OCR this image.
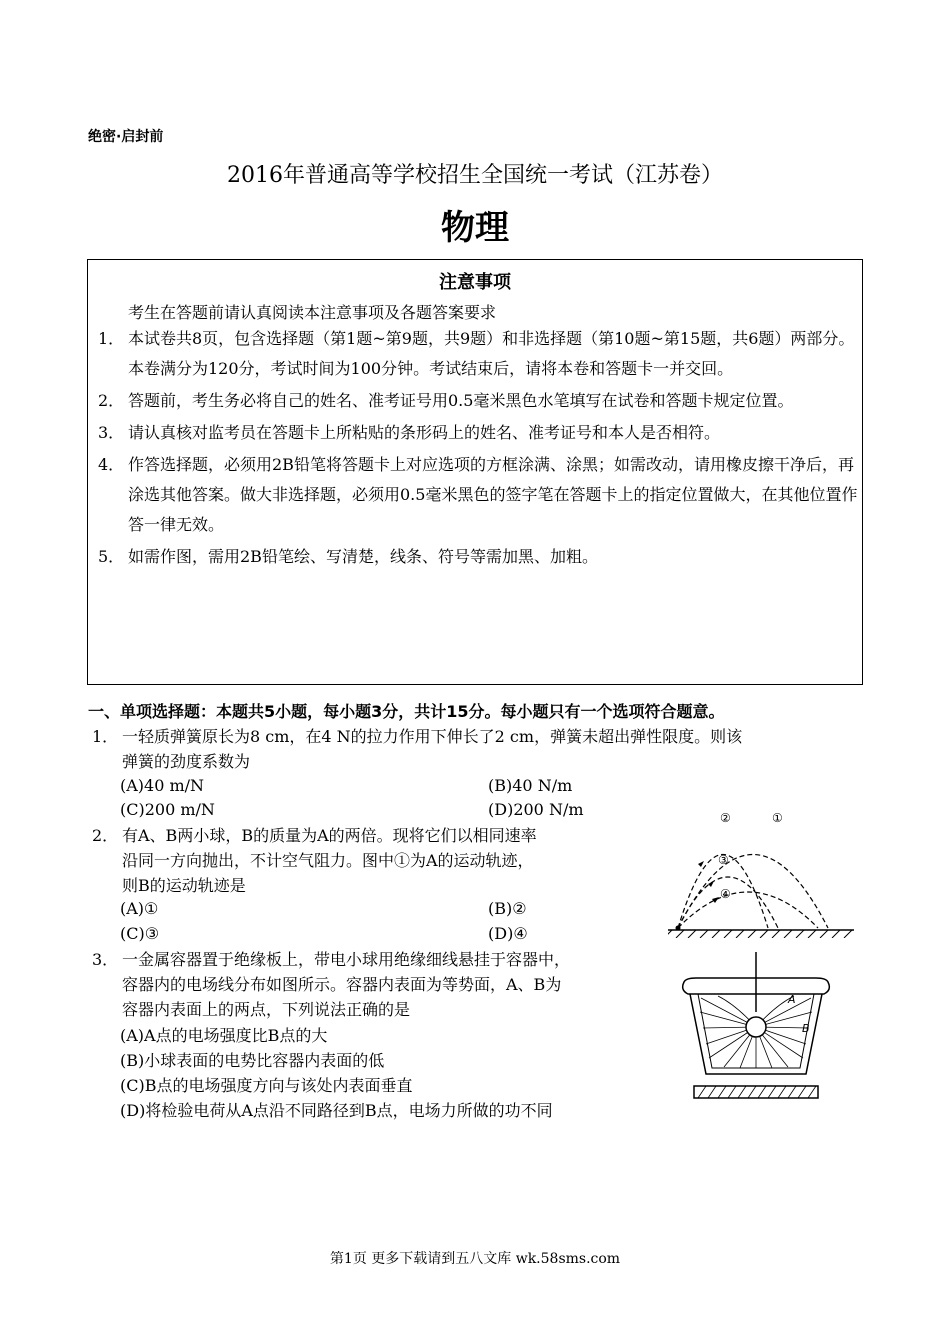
绝密·启封前
2016年普通高等学校招生全国统一考试（江苏卷）
物理
注意事项
考生在答题前请认真阅读本注意事项及各题答案要求
1． 本试卷共8页，包含选择题（第1题~第9题，共9题）和非选择题（第10题~第15题，共6题）两部分。本卷满分为120分，考试时间为100分钟。考试结束后，请将本卷和答题卡一并交回。
2． 答题前，考生务必将自己的姓名、准考证号用0.5毫米黑色水笔填写在试卷和答题卡规定位置。
3． 请认真核对监考员在答题卡上所粘贴的条形码上的姓名、准考证号和本人是否相符。
4． 作答选择题，必须用2B铅笔将答题卡上对应选项的方框涂满、涂黑；如需改动，请用橡皮擦干净后，再涂选其他答案。做大非选择题，必须用0.5毫米黑色的签字笔在答题卡上的指定位置做大，在其他位置作答一律无效。
5． 如需作图，需用2B铅笔绘、写清楚，线条、符号等需加黑、加粗。
一、单项选择题：本题共5小题，每小题3分，共计15分。每小题只有一个选项符合题意。
1． 一轻质弹簧原长为8 cm，在4 N的拉力作用下伸长了2 cm，弹簧未超出弹性限度。则该
弹簧的劲度系数为
(A)40 m/N	(B)40 N/m
(C)200 m/N	(D)200 N/m
2． 有A、B两小球，B的质量为A的两倍。现将它们以相同速率
沿同一方向抛出，不计空气阻力。图中①为A的运动轨迹，
则B的运动轨迹是
(A)①	(B)②
(C)③	(D)④
②	①
③
④
3． 一金属容器置于绝缘板上，带电小球用绝缘细线悬挂于容器中，
容器内的电场线分布如图所示。容器内表面为等势面，A、B为
容器内表面上的两点，下列说法正确的是
(A)A点的电场强度比B点的大
(B)小球表面的电势比容器内表面的低
(C)B点的电场强度方向与该处内表面垂直
(D)将检验电荷从A点沿不同路径到B点，电场力所做的功不同
A
B
第1页 更多下载请到五八文库 wk.58sms.com
